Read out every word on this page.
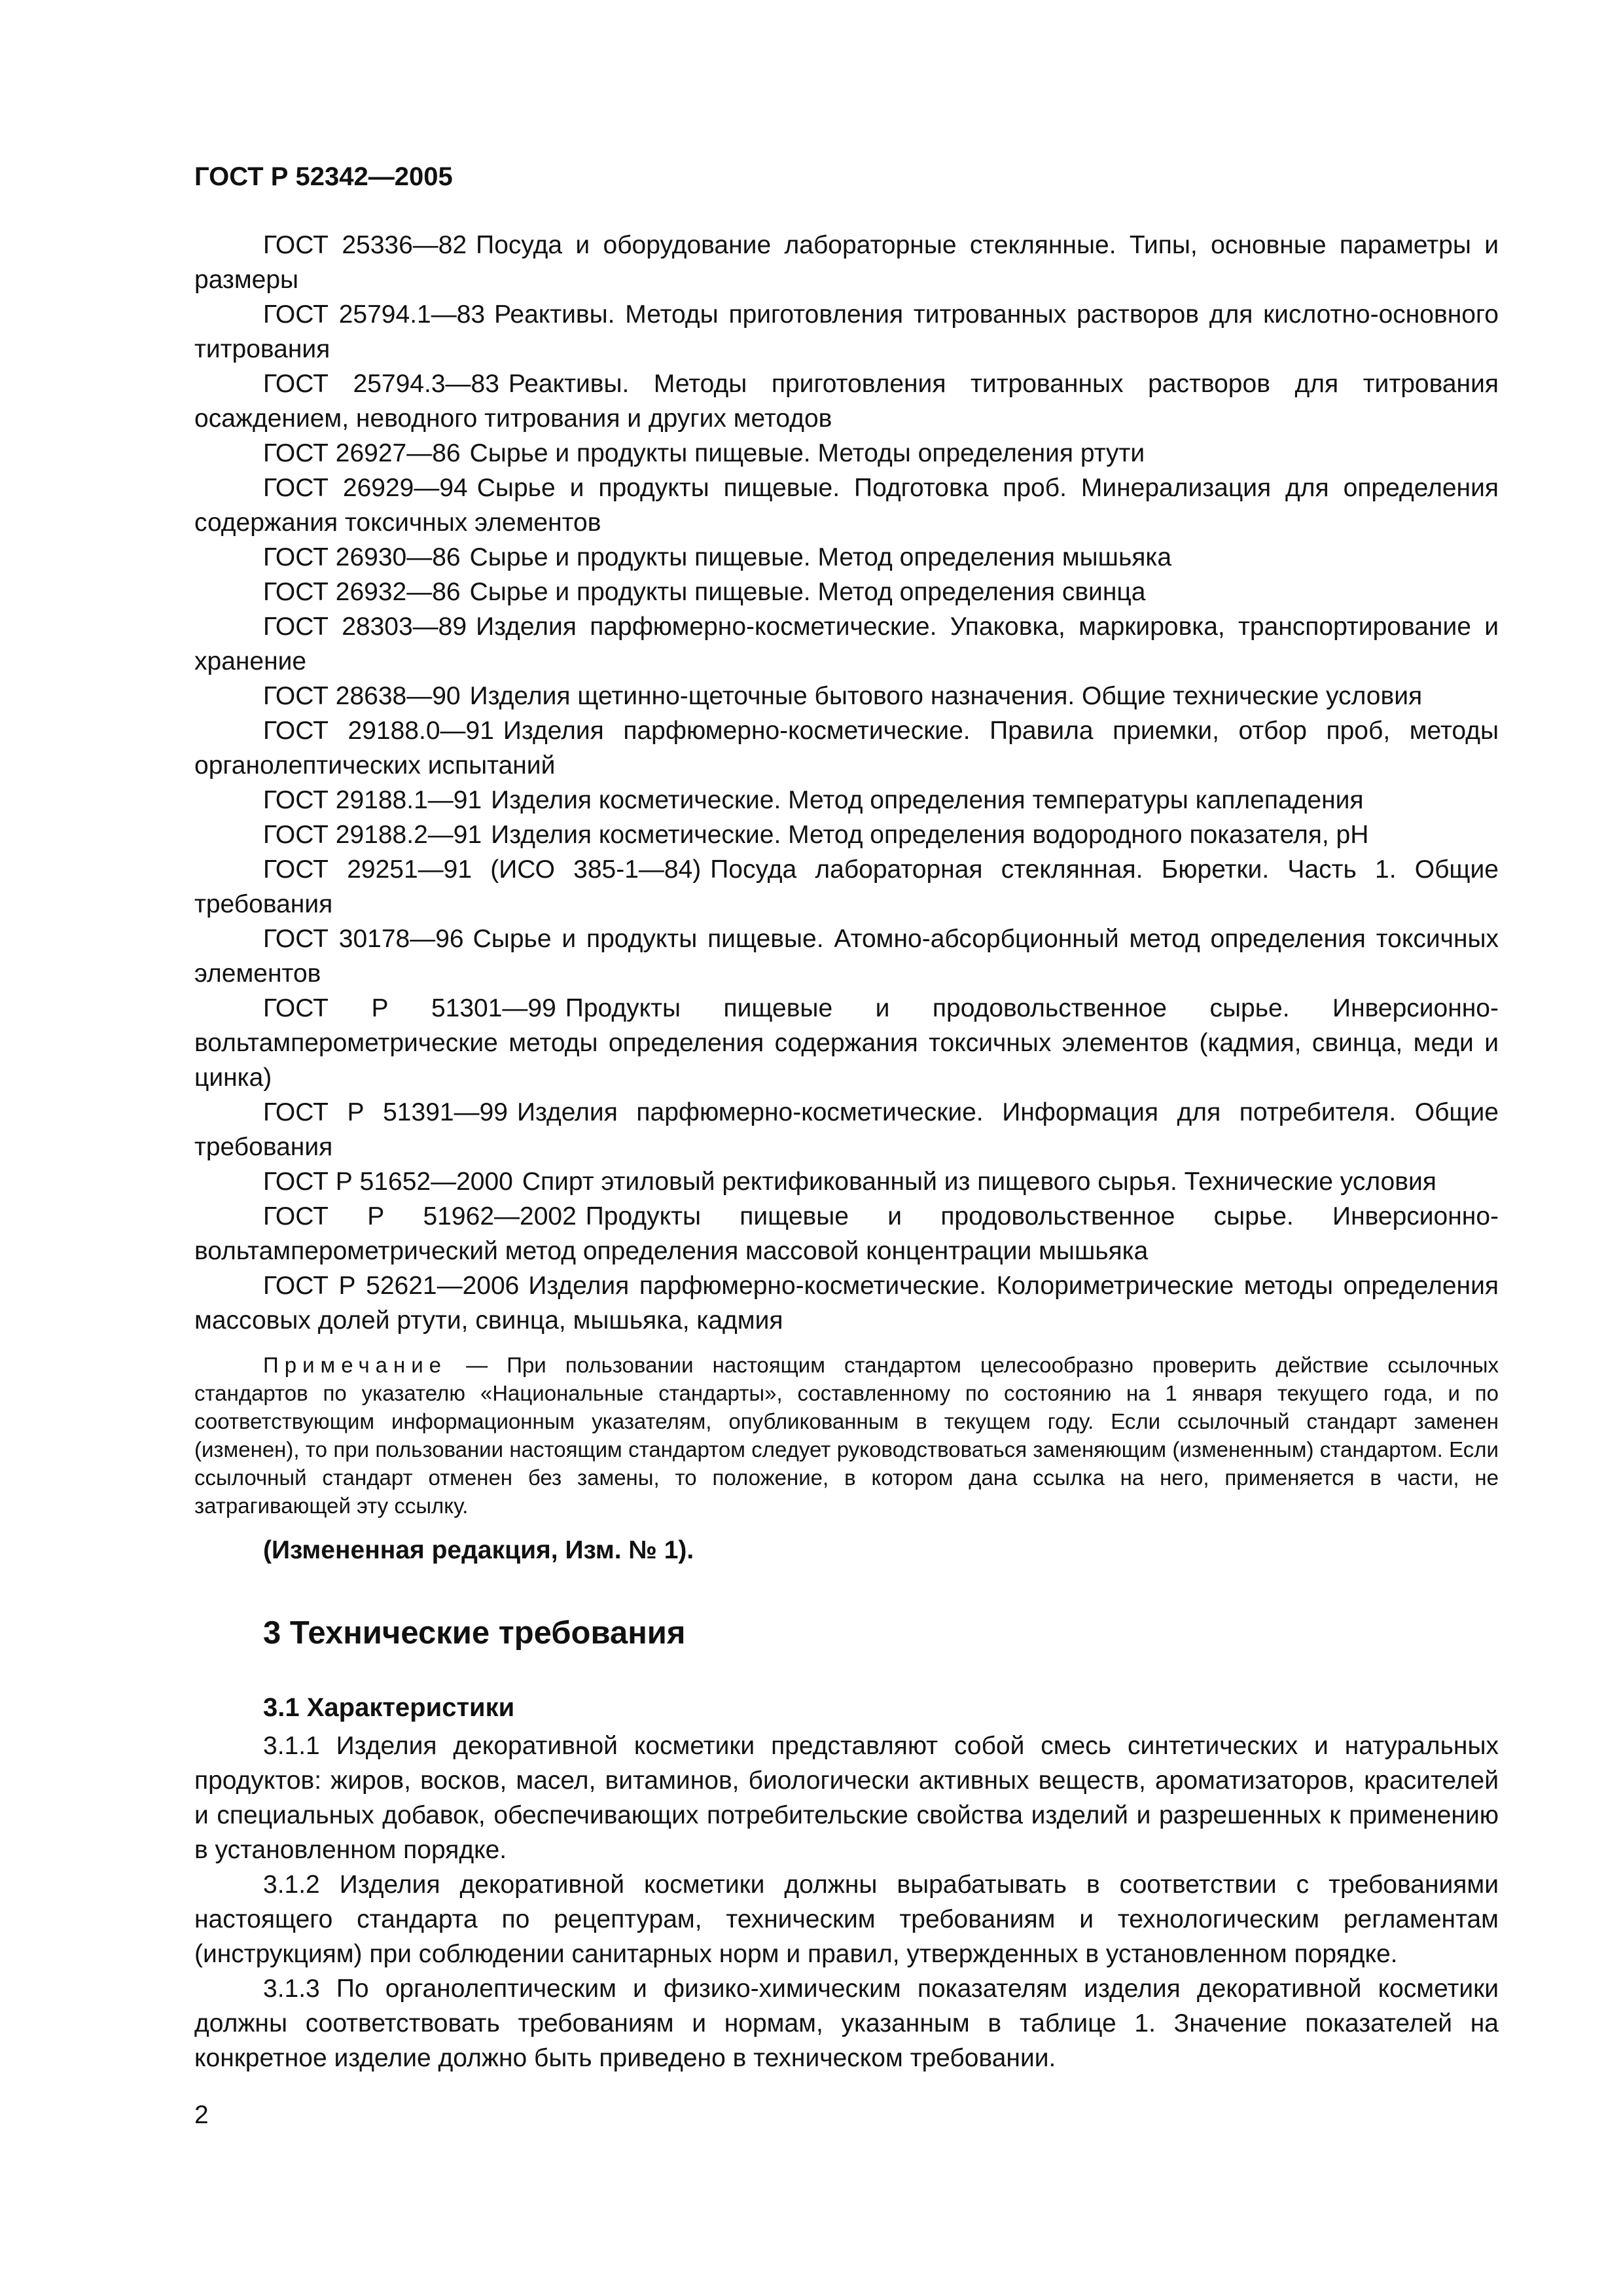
ГОСТ Р 52342—2005

ГОСТ 25336—82 Посуда и оборудование лабораторные стеклянные. Типы, основные параметры и размеры

ГОСТ 25794.1—83 Реактивы. Методы приготовления титрованных растворов для кислотно-основного титрования

ГОСТ 25794.3—83 Реактивы. Методы приготовления титрованных растворов для титрования осаждением, неводного титрования и других методов

ГОСТ 26927—86 Сырье и продукты пищевые. Методы определения ртути

ГОСТ 26929—94 Сырье и продукты пищевые. Подготовка проб. Минерализация для определения содержания токсичных элементов

ГОСТ 26930—86 Сырье и продукты пищевые. Метод определения мышьяка

ГОСТ 26932—86 Сырье и продукты пищевые. Метод определения свинца

ГОСТ 28303—89 Изделия парфюмерно-косметические. Упаковка, маркировка, транспортирование и хранение

ГОСТ 28638—90 Изделия щетинно-щеточные бытового назначения. Общие технические условия

ГОСТ 29188.0—91 Изделия парфюмерно-косметические. Правила приемки, отбор проб, методы органолептических испытаний

ГОСТ 29188.1—91 Изделия косметические. Метод определения температуры каплепадения

ГОСТ 29188.2—91 Изделия косметические. Метод определения водородного показателя, pH

ГОСТ 29251—91 (ИСО 385-1—84) Посуда лабораторная стеклянная. Бюретки. Часть 1. Общие требования

ГОСТ 30178—96 Сырье и продукты пищевые. Атомно-абсорбционный метод определения токсичных элементов

ГОСТ Р 51301—99 Продукты пищевые и продовольственное сырье. Инверсионно-вольтамперометрические методы определения содержания токсичных элементов (кадмия, свинца, меди и цинка)

ГОСТ Р 51391—99 Изделия парфюмерно-косметические. Информация для потребителя. Общие требования

ГОСТ Р 51652—2000 Спирт этиловый ректификованный из пищевого сырья. Технические условия

ГОСТ Р 51962—2002 Продукты пищевые и продовольственное сырье. Инверсионно-вольтамперометрический метод определения массовой концентрации мышьяка

ГОСТ Р 52621—2006 Изделия парфюмерно-косметические. Колориметрические методы определения массовых долей ртути, свинца, мышьяка, кадмия

Примечание — При пользовании настоящим стандартом целесообразно проверить действие ссылочных стандартов по указателю «Национальные стандарты», составленному по состоянию на 1 января текущего года, и по соответствующим информационным указателям, опубликованным в текущем году. Если ссылочный стандарт заменен (изменен), то при пользовании настоящим стандартом следует руководствоваться заменяющим (измененным) стандартом. Если ссылочный стандарт отменен без замены, то положение, в котором дана ссылка на него, применяется в части, не затрагивающей эту ссылку.

(Измененная редакция, Изм. № 1).
3 Технические требования
3.1 Характеристики

3.1.1 Изделия декоративной косметики представляют собой смесь синтетических и натуральных продуктов: жиров, восков, масел, витаминов, биологически активных веществ, ароматизаторов, красителей и специальных добавок, обеспечивающих потребительские свойства изделий и разрешенных к применению в установленном порядке.

3.1.2 Изделия декоративной косметики должны вырабатывать в соответствии с требованиями настоящего стандарта по рецептурам, техническим требованиям и технологическим регламентам (инструкциям) при соблюдении санитарных норм и правил, утвержденных в установленном порядке.

3.1.3 По органолептическим и физико-химическим показателям изделия декоративной косметики должны соответствовать требованиям и нормам, указанным в таблице 1. Значение показателей на конкретное изделие должно быть приведено в техническом требовании.

2
